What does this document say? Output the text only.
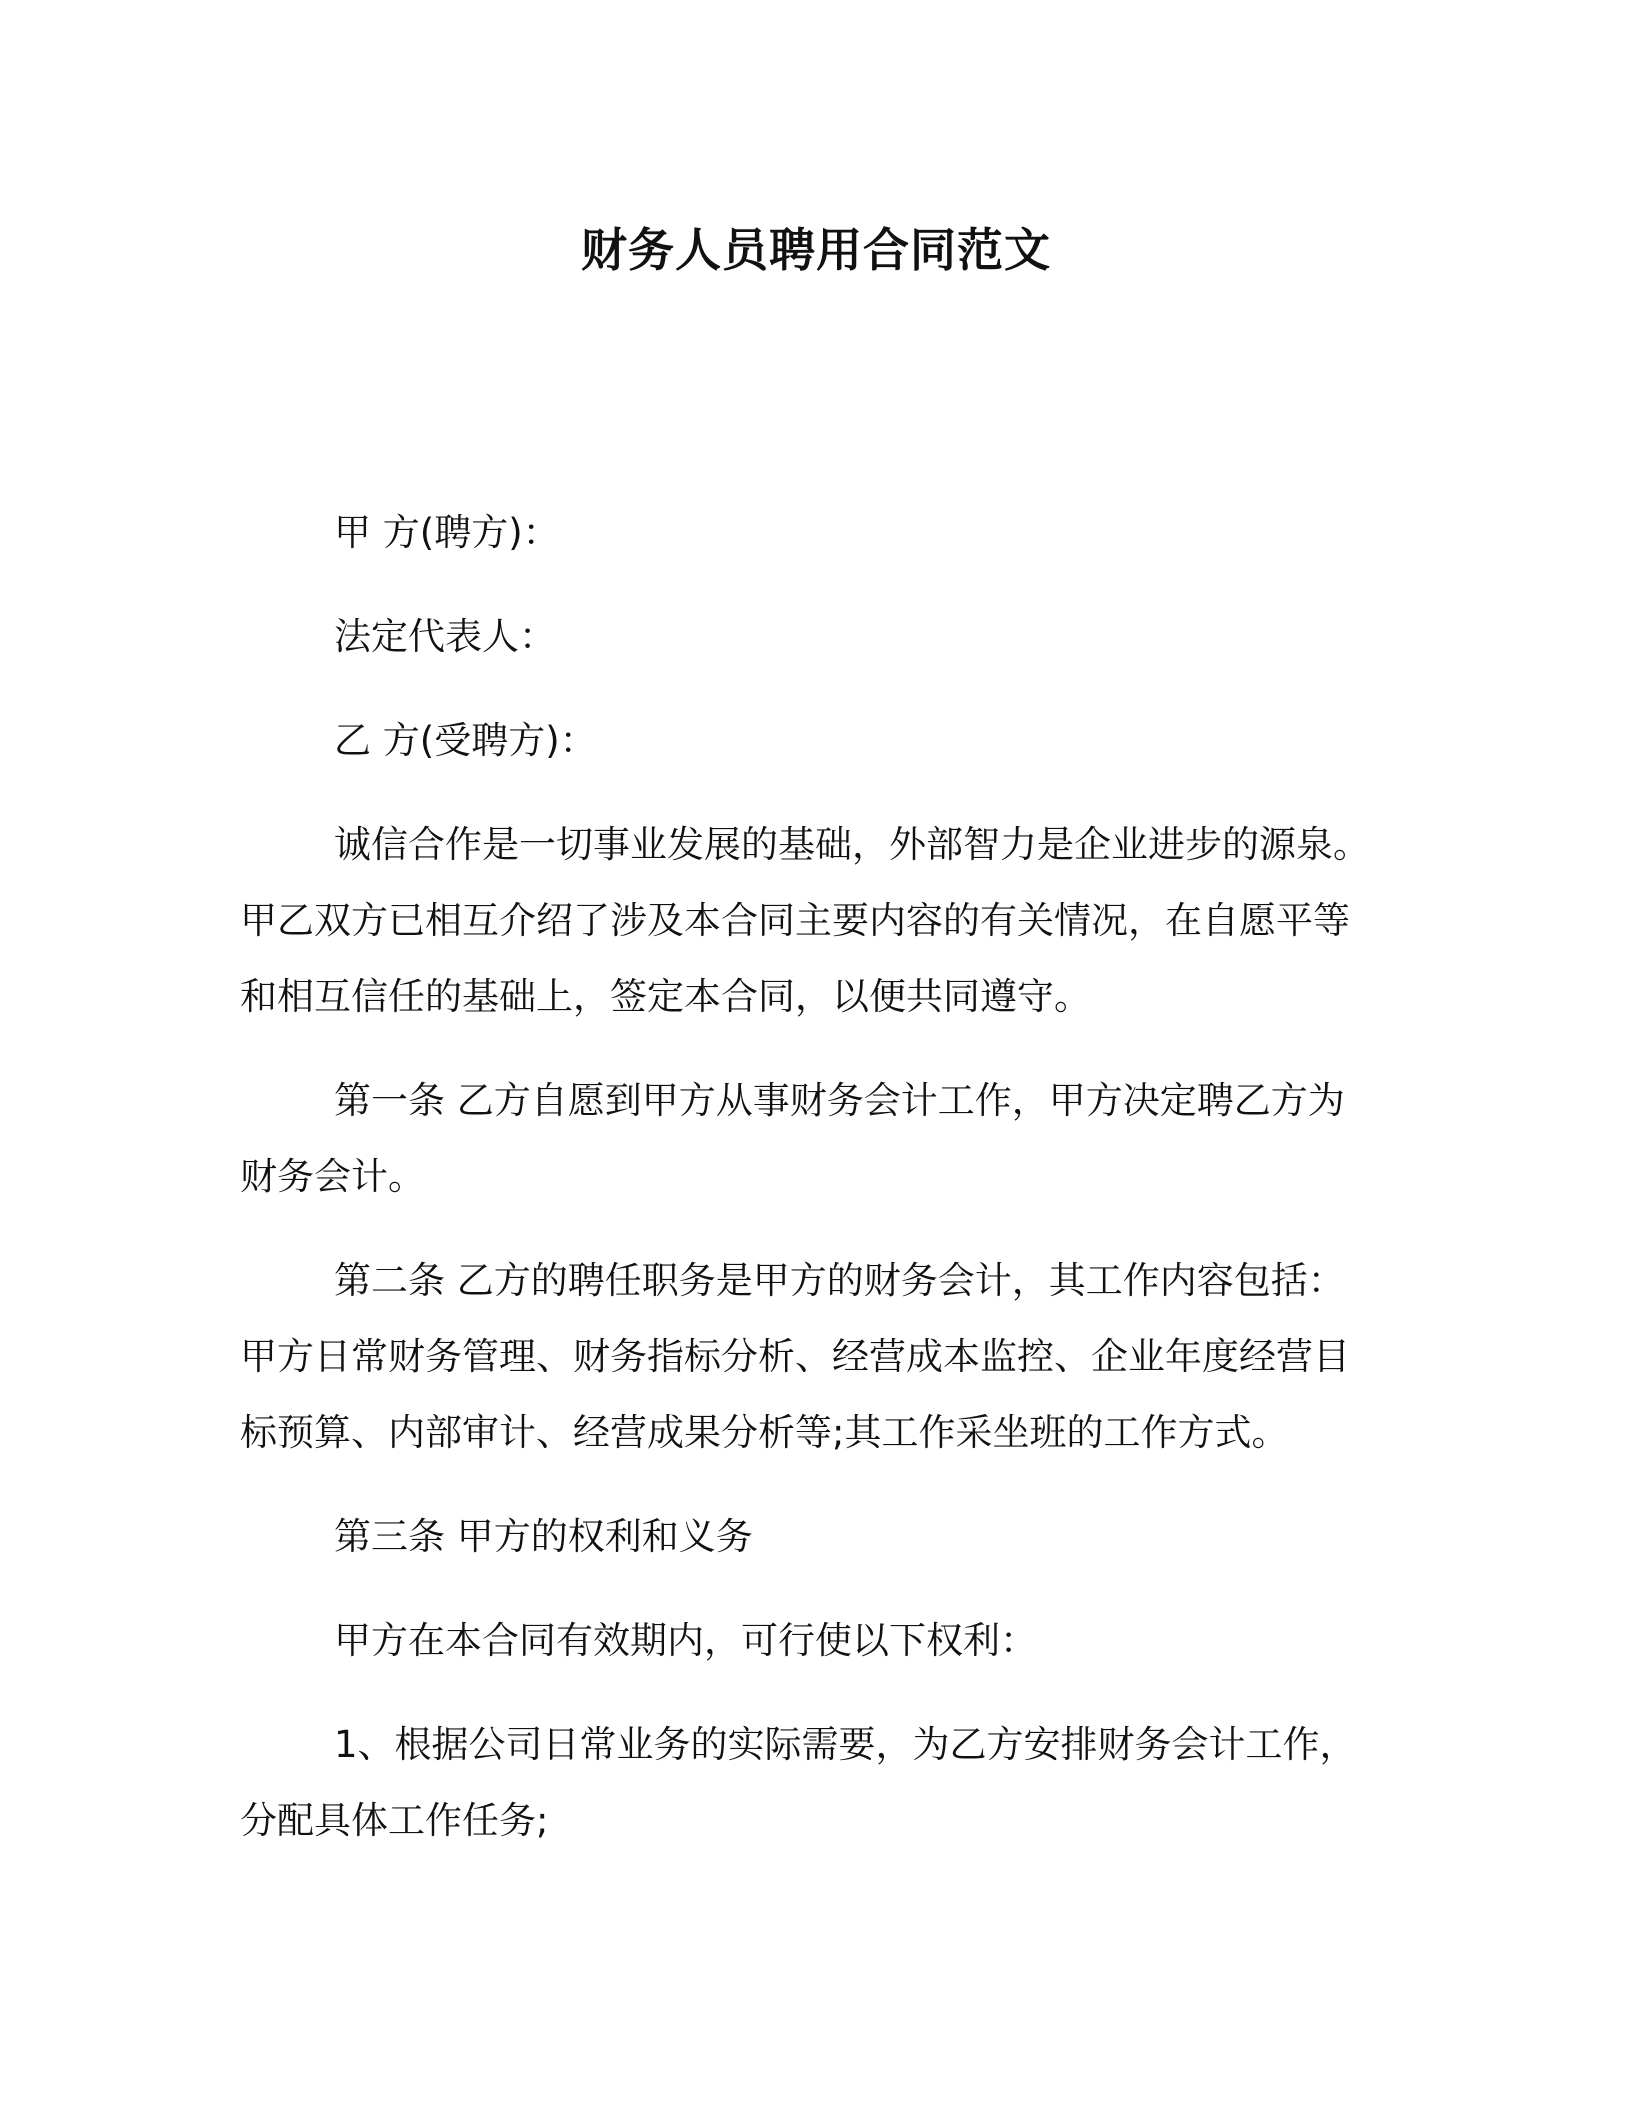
财务人员聘用合同范文

甲 方(聘方)：

法定代表人：

乙 方(受聘方)：

诚信合作是一切事业发展的基础，外部智力是企业进步的源泉。甲乙双方已相互介绍了涉及本合同主要内容的有关情况，在自愿平等和相互信任的基础上，签定本合同，以便共同遵守。

第一条 乙方自愿到甲方从事财务会计工作，甲方决定聘乙方为财务会计。

第二条 乙方的聘任职务是甲方的财务会计，其工作内容包括：甲方日常财务管理、财务指标分析、经营成本监控、企业年度经营目标预算、内部审计、经营成果分析等;其工作采坐班的工作方式。

第三条 甲方的权利和义务

甲方在本合同有效期内，可行使以下权利：

1、根据公司日常业务的实际需要，为乙方安排财务会计工作，分配具体工作任务;
